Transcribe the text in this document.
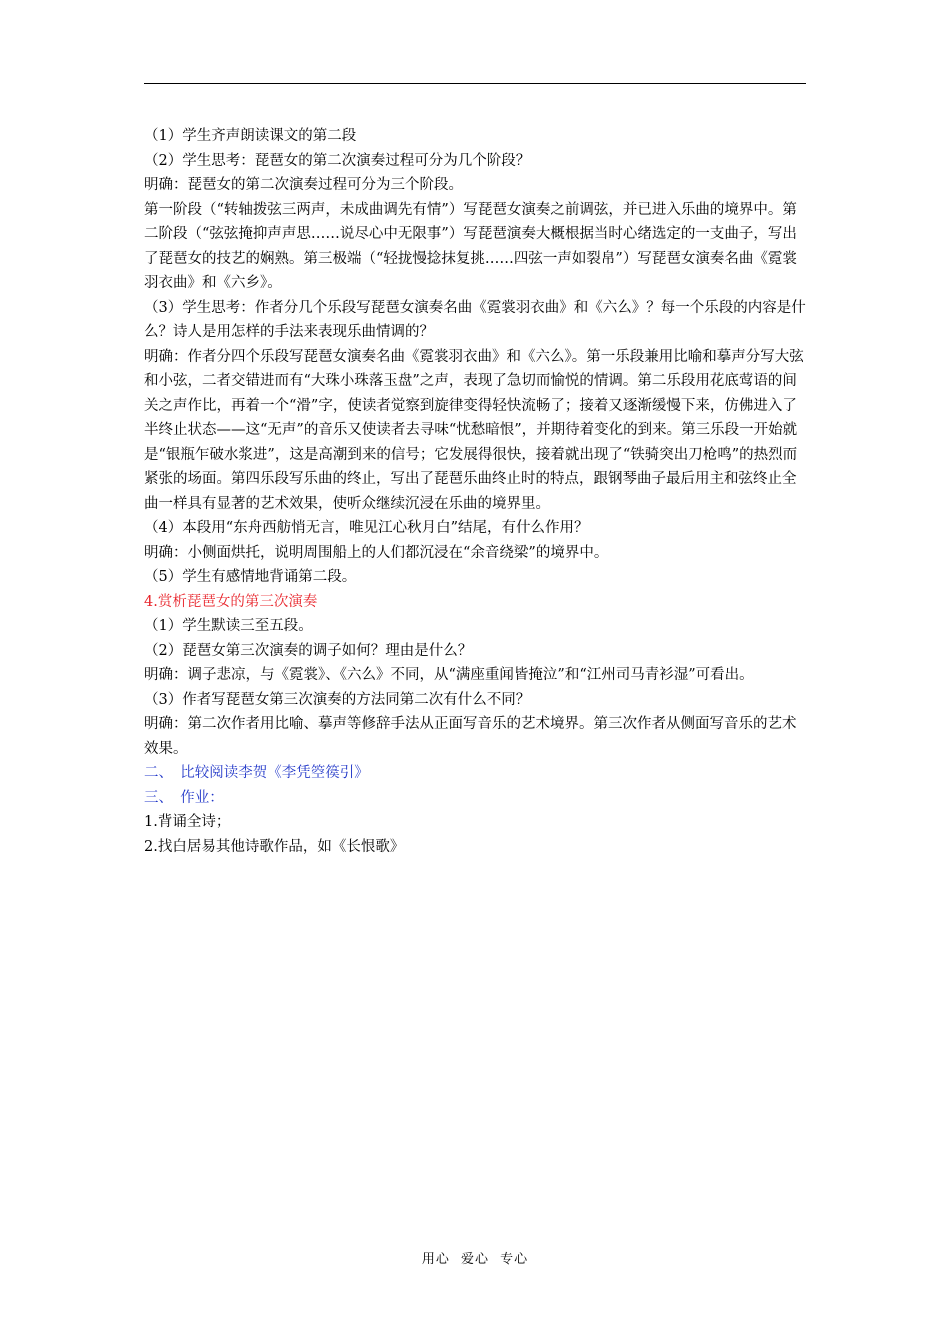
（1）学生齐声朗读课文的第二段

（2）学生思考：琵琶女的第二次演奏过程可分为几个阶段？

明确：琵琶女的第二次演奏过程可分为三个阶段。

第一阶段（“转轴拨弦三两声，未成曲调先有情”）写琵琶女演奏之前调弦，并已进入乐曲的境界中。第二阶段（“弦弦掩抑声声思……说尽心中无限事”）写琵琶演奏大概根据当时心绪选定的一支曲子，写出了琵琶女的技艺的娴熟。第三极端（“轻拢慢捻抹复挑……四弦一声如裂帛”）写琵琶女演奏名曲《霓裳羽衣曲》和《六乡》。

（3）学生思考：作者分几个乐段写琵琶女演奏名曲《霓裳羽衣曲》和《六么》？每一个乐段的内容是什么？诗人是用怎样的手法来表现乐曲情调的？

明确：作者分四个乐段写琵琶女演奏名曲《霓裳羽衣曲》和《六么》。第一乐段兼用比喻和摹声分写大弦和小弦，二者交错进而有“大珠小珠落玉盘”之声，表现了急切而愉悦的情调。第二乐段用花底莺语的间关之声作比，再着一个“滑”字，使读者觉察到旋律变得轻快流畅了；接着又逐渐缓慢下来，仿佛进入了半终止状态——这“无声”的音乐又使读者去寻味“忧愁暗恨”，并期待着变化的到来。第三乐段一开始就是“银瓶乍破水浆进”，这是高潮到来的信号；它发展得很快，接着就出现了“铁骑突出刀枪鸣”的热烈而紧张的场面。第四乐段写乐曲的终止，写出了琵琶乐曲终止时的特点，跟钢琴曲子最后用主和弦终止全曲一样具有显著的艺术效果，使听众继续沉浸在乐曲的境界里。

（4）本段用“东舟西舫悄无言，唯见江心秋月白”结尾，有什么作用？

明确：小侧面烘托，说明周围船上的人们都沉浸在“余音绕梁”的境界中。

（5）学生有感情地背诵第二段。

4.赏析琵琶女的第三次演奏

（1）学生默读三至五段。

（2）琵琶女第三次演奏的调子如何？理由是什么？

明确：调子悲凉，与《霓裳》、《六么》不同，从“满座重闻皆掩泣”和“江州司马青衫湿”可看出。

（3）作者写琵琶女第三次演奏的方法同第二次有什么不同？

明确：第二次作者用比喻、摹声等修辞手法从正面写音乐的艺术境界。第三次作者从侧面写音乐的艺术效果。

二、　比较阅读李贺《李凭箜篌引》

三、　作业：

1.背诵全诗；

2.找白居易其他诗歌作品，如《长恨歌》

用心 爱心 专心
